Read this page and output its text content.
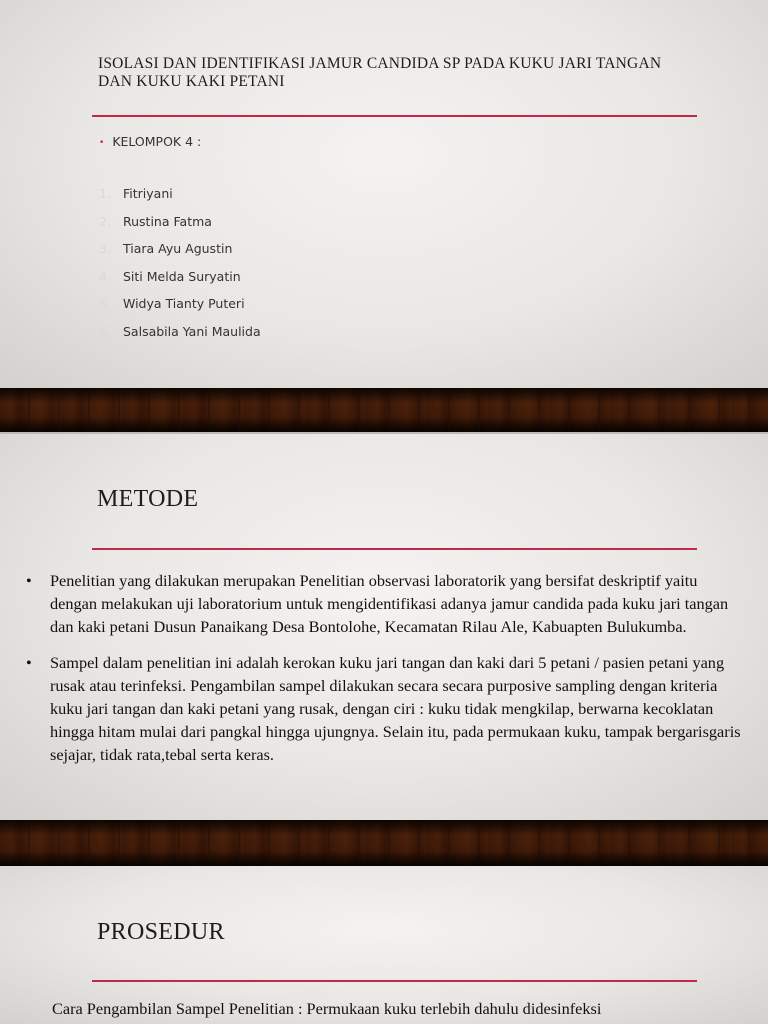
ISOLASI DAN IDENTIFIKASI JAMUR CANDIDA SP PADA KUKU JARI TANGAN DAN KUKU KAKI PETANI
• KELOMPOK 4 :
1. Fitriyani
2. Rustina Fatma
3. Tiara Ayu Agustin
4. Siti Melda Suryatin
5. Widya Tianty Puteri
6. Salsabila Yani Maulida
METODE
• Penelitian yang dilakukan merupakan Penelitian observasi laboratorik yang bersifat deskriptif yaitu dengan melakukan uji laboratorium untuk mengidentifikasi adanya jamur candida pada kuku jari tangan dan kaki petani Dusun Panaikang Desa Bontolohe, Kecamatan Rilau Ale, Kabuapten Bulukumba.
• Sampel dalam penelitian ini adalah kerokan kuku jari tangan dan kaki dari 5 petani / pasien petani yang rusak atau terinfeksi. Pengambilan sampel dilakukan secara secara purposive sampling dengan kriteria kuku jari tangan dan kaki petani yang rusak, dengan ciri : kuku tidak mengkilap, berwarna kecoklatan hingga hitam mulai dari pangkal hingga ujungnya. Selain itu, pada permukaan kuku, tampak bergarisgaris sejajar, tidak rata,tebal serta keras.
PROSEDUR
Cara Pengambilan Sampel Penelitian : Permukaan kuku terlebih dahulu didesinfeksi
